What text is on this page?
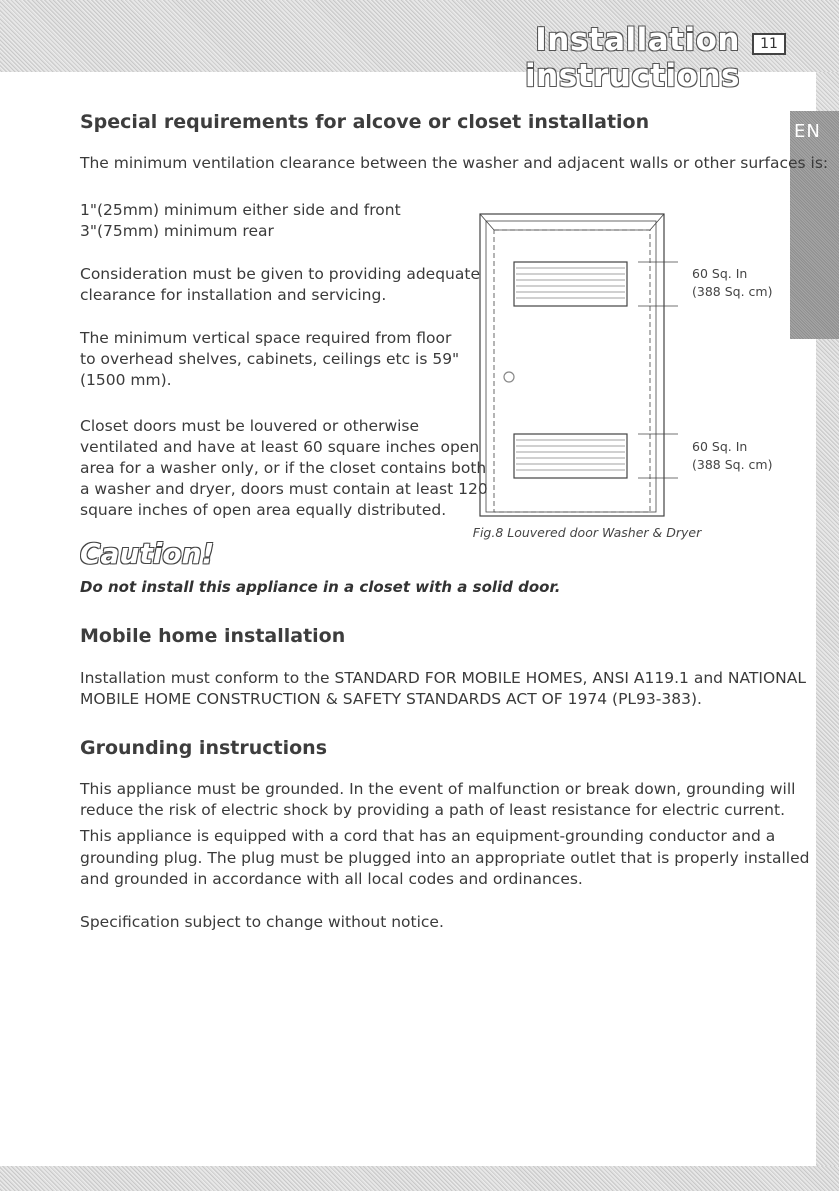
EN
Installation instructions
11
Special requirements for alcove or closet installation

The minimum ventilation clearance between the washer and adjacent walls or other surfaces is:

1"(25mm) minimum either side and front

3"(75mm) minimum rear

Consideration must be given to providing adequate

clearance for installation and servicing.

The minimum vertical space required from floor

to overhead shelves, cabinets, ceilings etc is 59"

(1500 mm).

Closet doors must be louvered or otherwise

ventilated and have at least 60 square inches open

area for a washer only, or if the closet contains both

a washer and dryer, doors must contain at least 120

square inches of open area equally distributed.

60 Sq. In
(388 Sq. cm)
60 Sq. In
(388 Sq. cm)
Fig.8 Louvered door Washer & Dryer
Caution!
Do not install this appliance in a closet with a solid door.
Mobile home installation

Installation must conform to the STANDARD FOR MOBILE HOMES, ANSI A119.1 and NATIONAL

MOBILE HOME CONSTRUCTION & SAFETY STANDARDS ACT OF 1974 (PL93-383).

Grounding instructions

This appliance must be grounded. In the event of malfunction or break down, grounding will

reduce the risk of electric shock by providing a path of least resistance for electric current.

This appliance is equipped with a cord that has an equipment-grounding conductor and a

grounding plug. The plug must be plugged into an appropriate outlet that is properly installed

and grounded in accordance with all local codes and ordinances.

Specification subject to change without notice.
